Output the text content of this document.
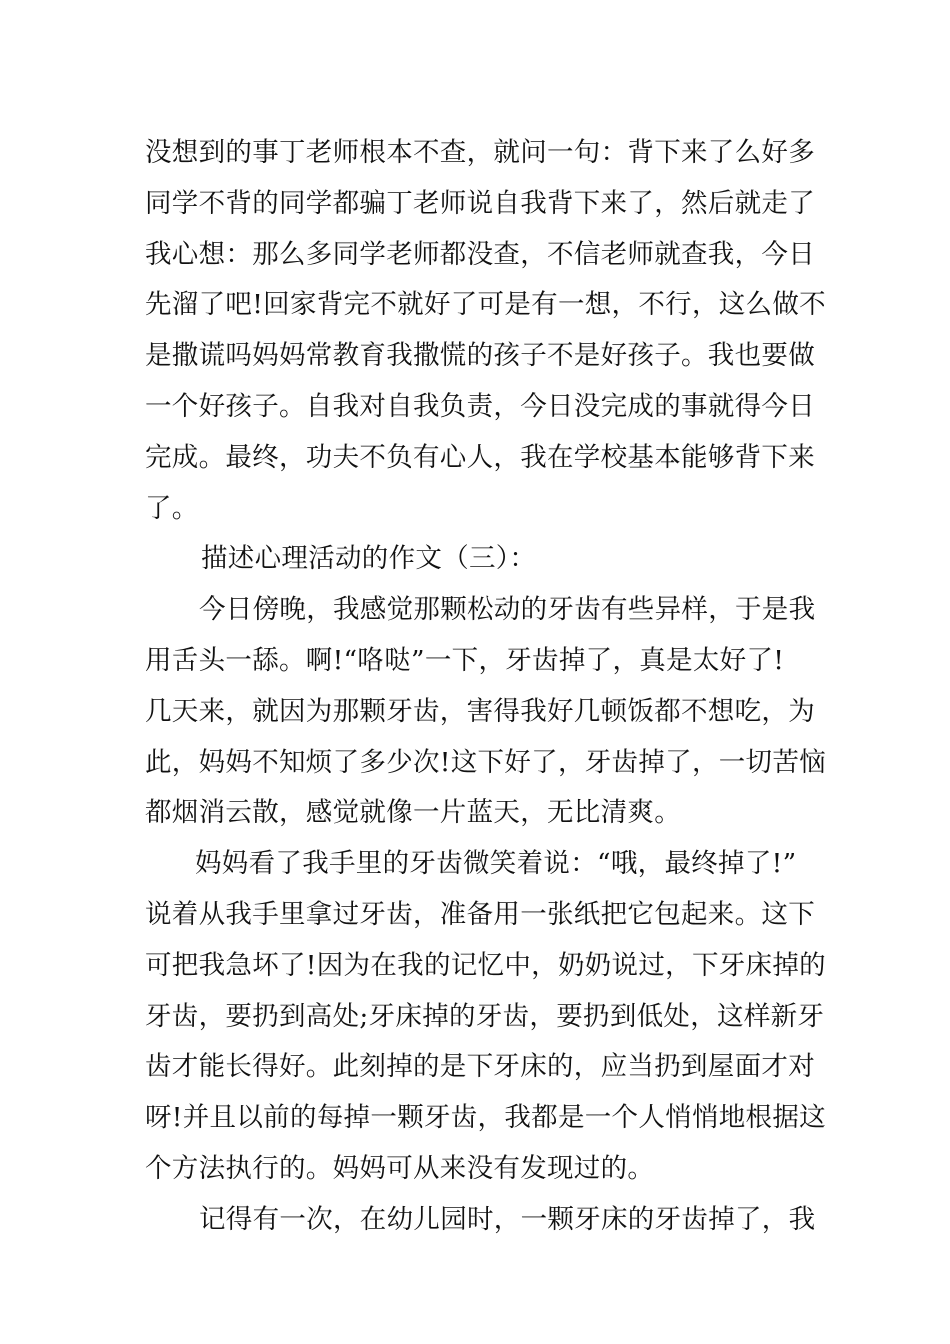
没想到的事丁老师根本不查，就问一句：背下来了么好多
同学不背的同学都骗丁老师说自我背下来了，然后就走了
我心想：那么多同学老师都没查，不信老师就查我，今日
先溜了吧!回家背完不就好了可是有一想，不行，这么做不
是撒谎吗妈妈常教育我撒慌的孩子不是好孩子。我也要做
一个好孩子。自我对自我负责，今日没完成的事就得今日
完成。最终，功夫不负有心人，我在学校基本能够背下来
了。
描述心理活动的作文（三）：
今日傍晚，我感觉那颗松动的牙齿有些异样，于是我
用舌头一舔。啊!“咯哒”一下，牙齿掉了，真是太好了!
几天来，就因为那颗牙齿，害得我好几顿饭都不想吃，为
此，妈妈不知烦了多少次!这下好了，牙齿掉了，一切苦恼
都烟消云散，感觉就像一片蓝天，无比清爽。
妈妈看了我手里的牙齿微笑着说：“哦，最终掉了!”
说着从我手里拿过牙齿，准备用一张纸把它包起来。这下
可把我急坏了!因为在我的记忆中，奶奶说过，下牙床掉的
牙齿，要扔到高处;牙床掉的牙齿，要扔到低处，这样新牙
齿才能长得好。此刻掉的是下牙床的，应当扔到屋面才对
呀!并且以前的每掉一颗牙齿，我都是一个人悄悄地根据这
个方法执行的。妈妈可从来没有发现过的。
记得有一次，在幼儿园时，一颗牙床的牙齿掉了，我
